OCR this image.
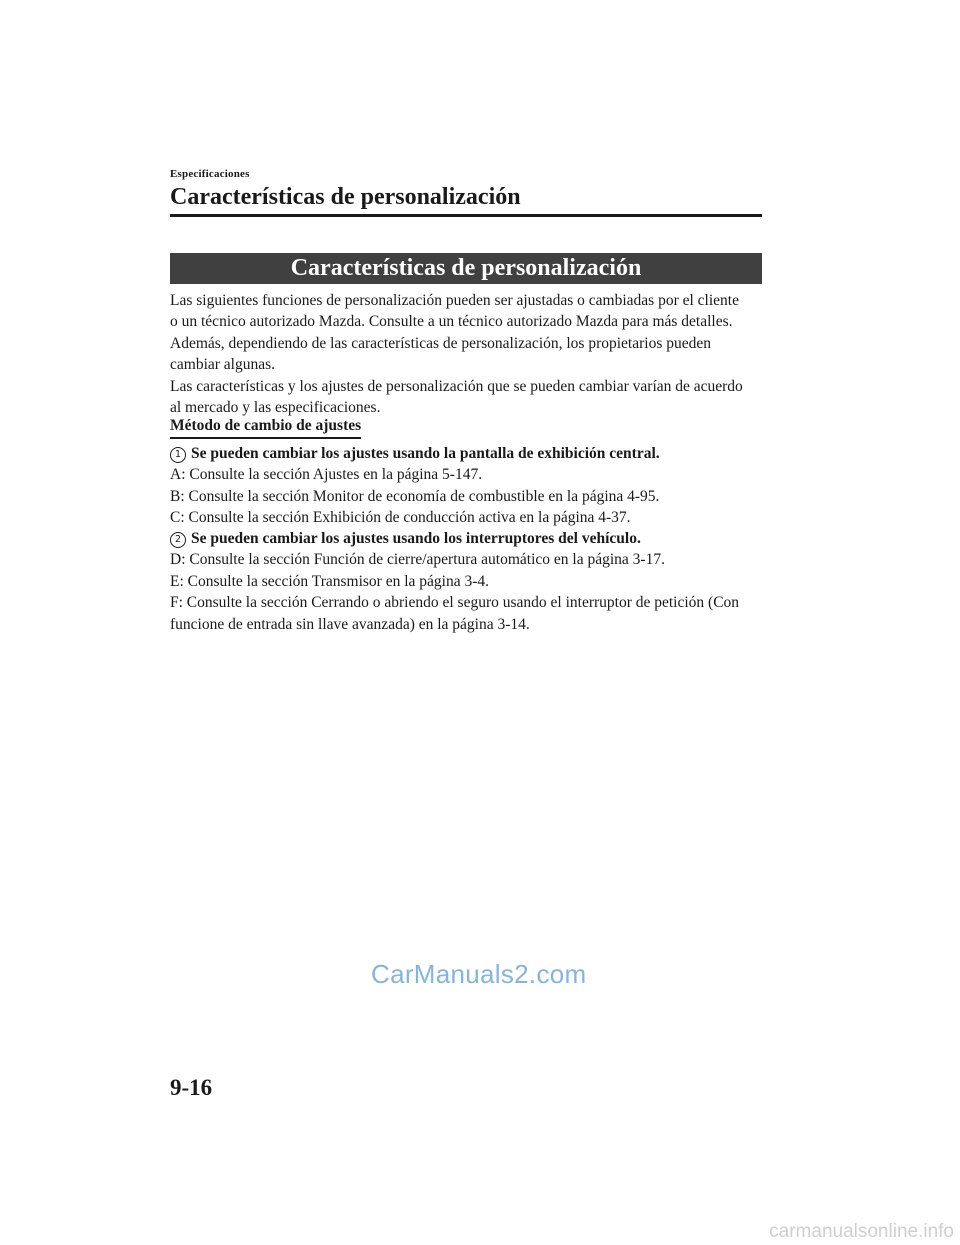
Especificaciones
Características de personalización
Características de personalización

Las siguientes funciones de personalización pueden ser ajustadas o cambiadas por el cliente

o un técnico autorizado Mazda. Consulte a un técnico autorizado Mazda para más detalles.

Además, dependiendo de las características de personalización, los propietarios pueden

cambiar algunas.

Las características y los ajustes de personalización que se pueden cambiar varían de acuerdo

al mercado y las especificaciones.

Método de cambio de ajustes

1 Se pueden cambiar los ajustes usando la pantalla de exhibición central.

A: Consulte la sección Ajustes en la página 5-147.

B: Consulte la sección Monitor de economía de combustible en la página 4-95.

C: Consulte la sección Exhibición de conducción activa en la página 4-37.

2 Se pueden cambiar los ajustes usando los interruptores del vehículo.

D: Consulte la sección Función de cierre/apertura automático en la página 3-17.

E: Consulte la sección Transmisor en la página 3-4.

F: Consulte la sección Cerrando o abriendo el seguro usando el interruptor de petición (Con funcione de entrada sin llave avanzada) en la página 3-14.

CarManuals2.com
9-16
carmanualsonline.info
